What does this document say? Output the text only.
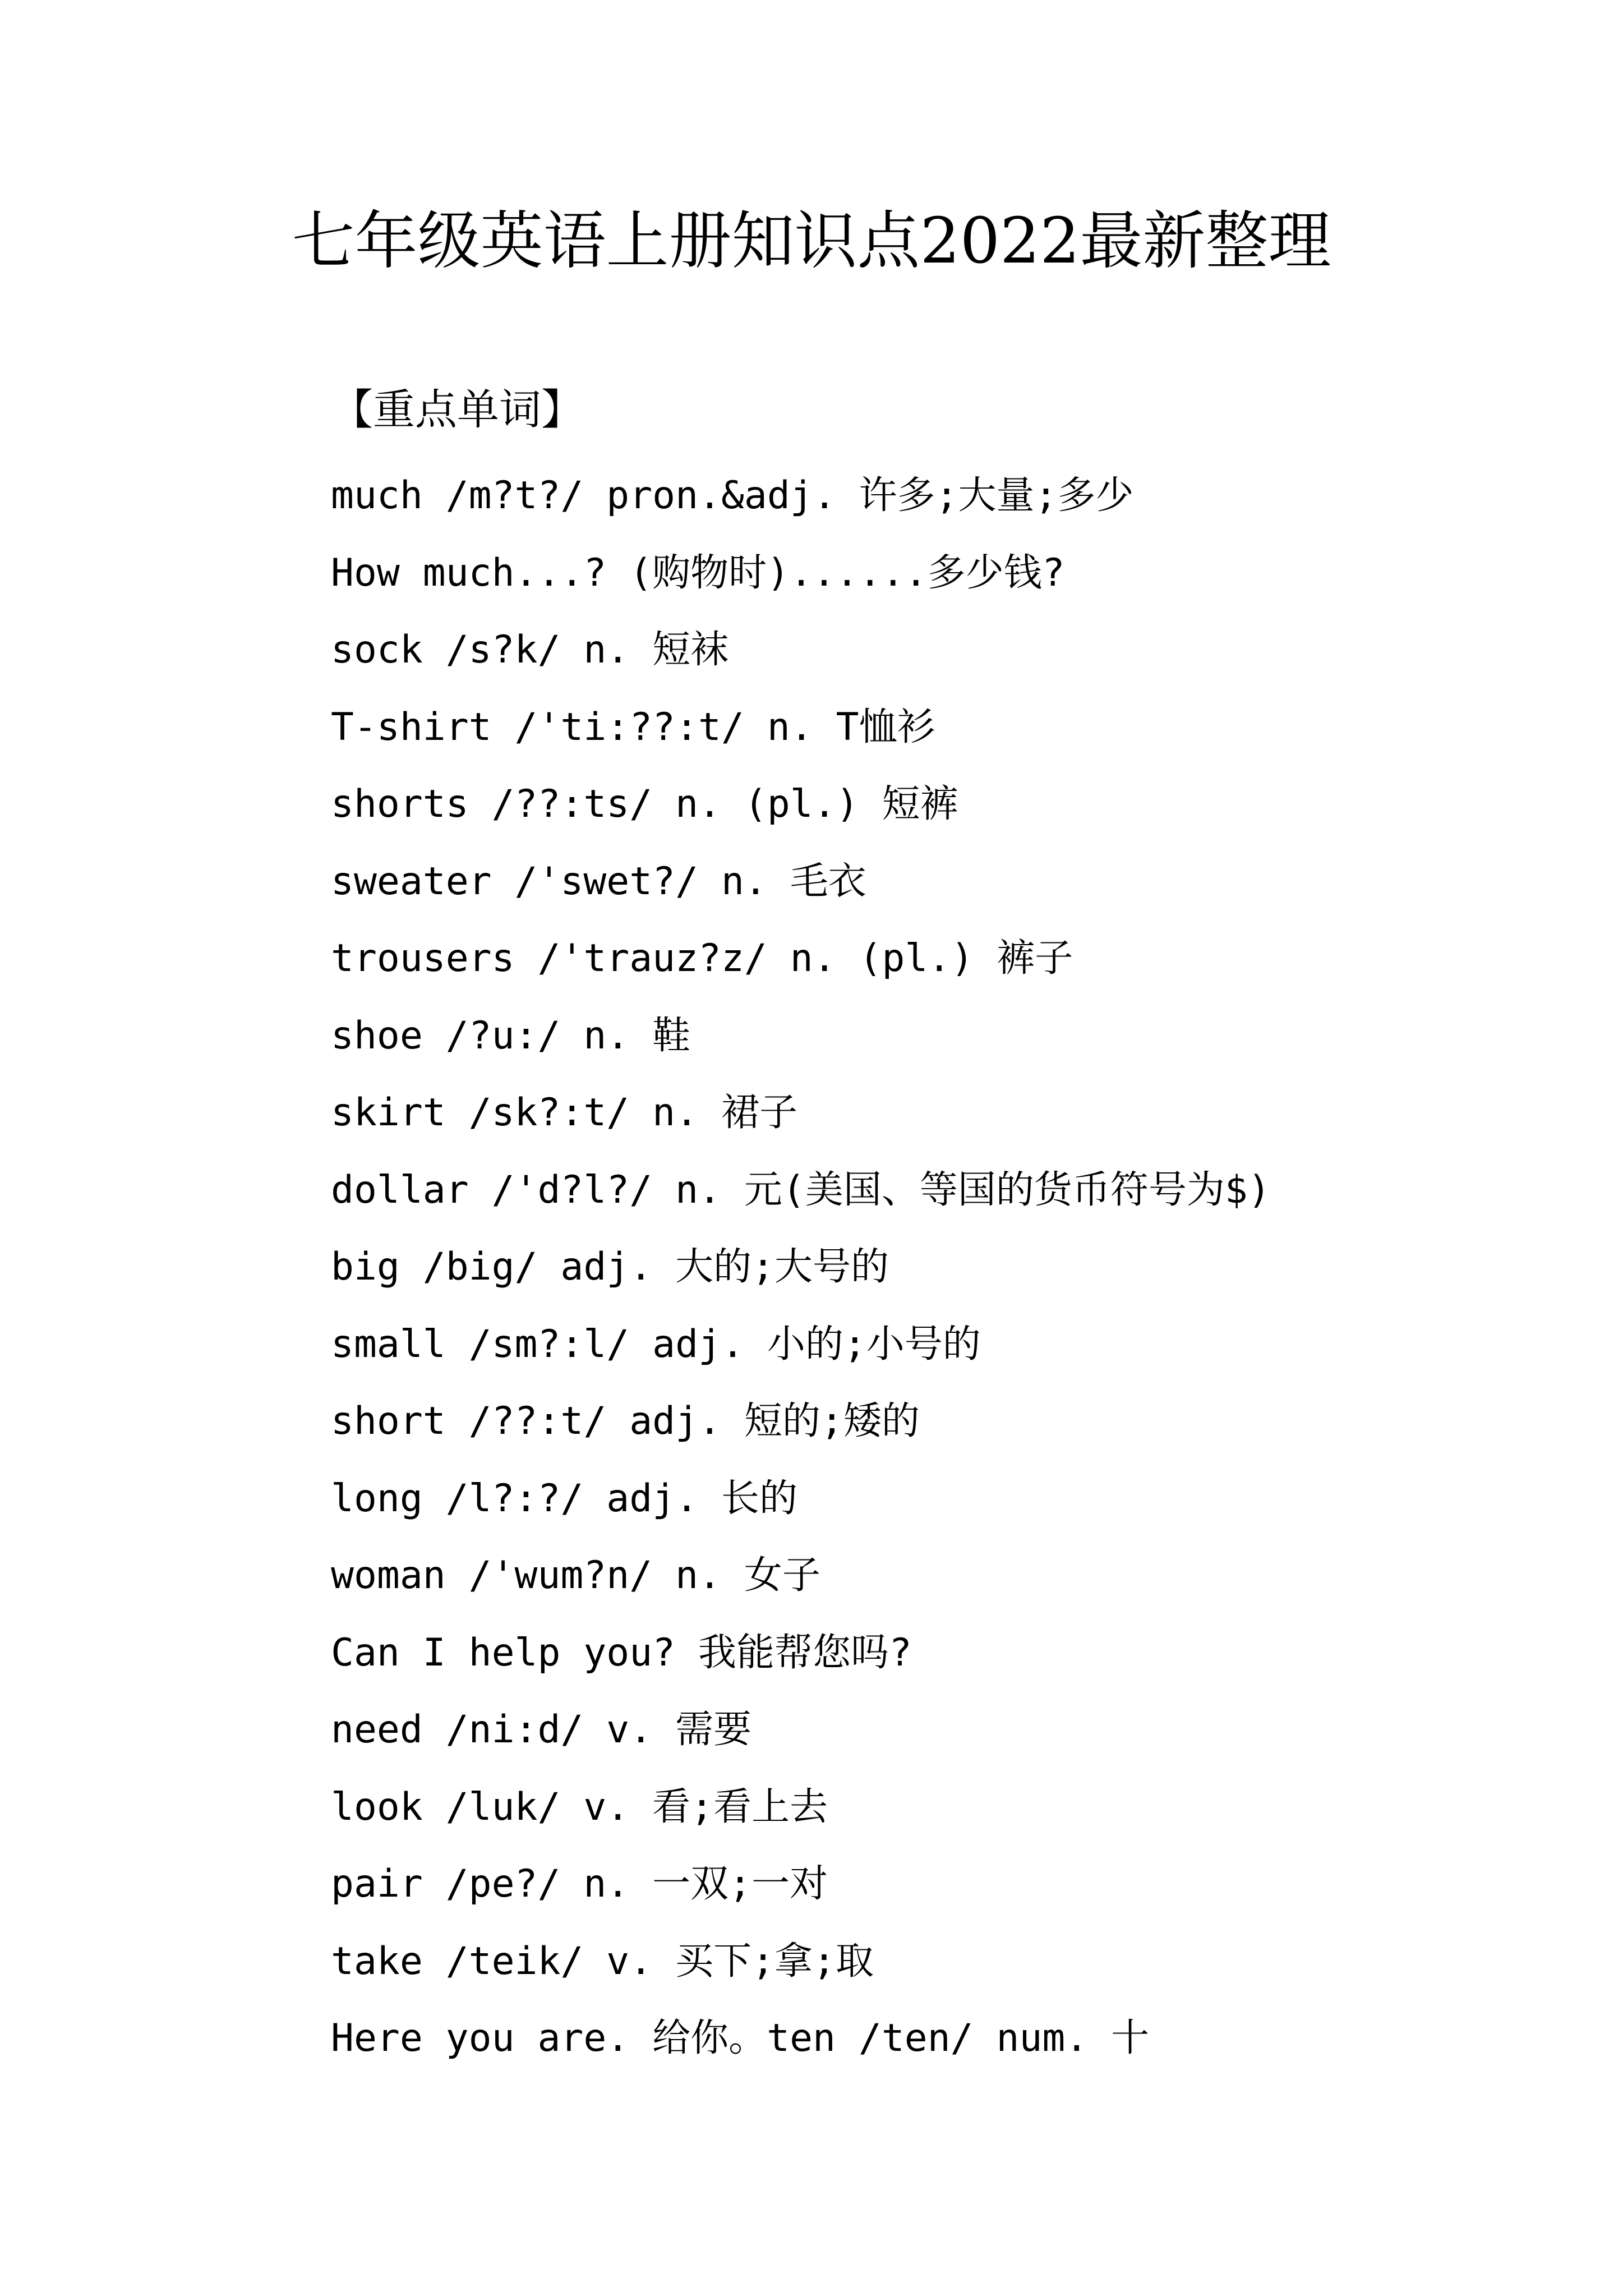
七年级英语上册知识点2022最新整理
【重点单词】
much /m?t?/ pron.&adj. 许多;大量;多少
How much...? (购物时)......多少钱?
sock /s?k/ n. 短袜
T-shirt /'ti:??:t/ n. T恤衫
shorts /??:ts/ n. (pl.) 短裤
sweater /'swet?/ n. 毛衣
trousers /'trauz?z/ n. (pl.) 裤子
shoe /?u:/ n. 鞋
skirt /sk?:t/ n. 裙子
dollar /'d?l?/ n. 元(美国、等国的货币符号为$)
big /big/ adj. 大的;大号的
small /sm?:l/ adj. 小的;小号的
short /??:t/ adj. 短的;矮的
long /l?:?/ adj. 长的
woman /'wum?n/ n. 女子
Can I help you? 我能帮您吗?
need /ni:d/ v. 需要
look /luk/ v. 看;看上去
pair /pe?/ n. 一双;一对
take /teik/ v. 买下;拿;取
Here you are. 给你。ten /ten/ num. 十
